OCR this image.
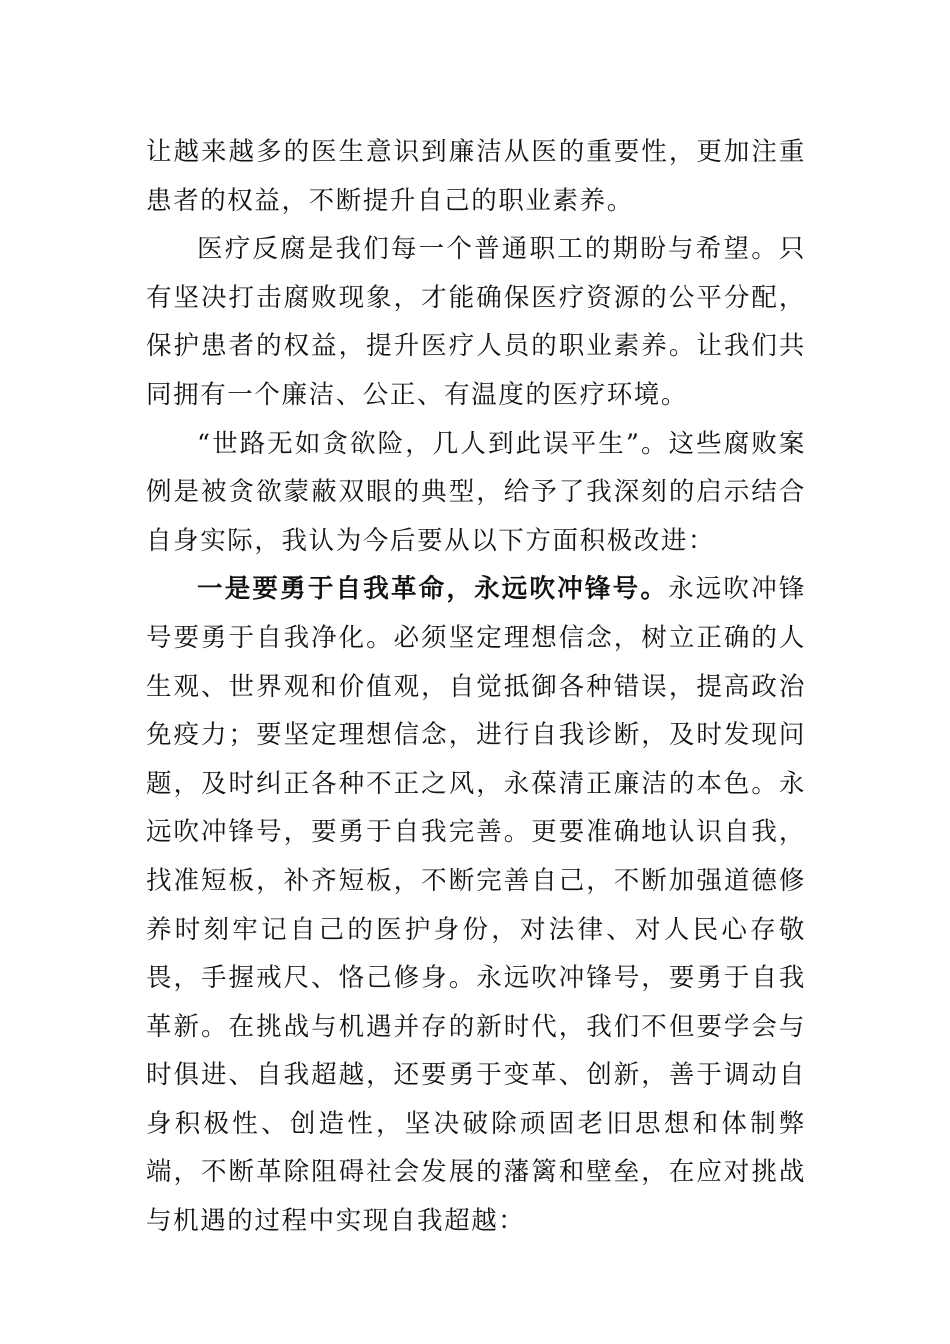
让越来越多的医生意识到廉洁从医的重要性，更加注重患者的权益，不断提升自己的职业素养。

医疗反腐是我们每一个普通职工的期盼与希望。只有坚决打击腐败现象，才能确保医疗资源的公平分配，保护患者的权益，提升医疗人员的职业素养。让我们共同拥有一个廉洁、公正、有温度的医疗环境。

“世路无如贪欲险，几人到此误平生”。这些腐败案例是被贪欲蒙蔽双眼的典型，给予了我深刻的启示结合自身实际，我认为今后要从以下方面积极改进：

一是要勇于自我革命，永远吹冲锋号。永远吹冲锋号要勇于自我净化。必须坚定理想信念，树立正确的人生观、世界观和价值观，自觉抵御各种错误，提高政治免疫力；要坚定理想信念，进行自我诊断，及时发现问题，及时纠正各种不正之风，永葆清正廉洁的本色。永远吹冲锋号，要勇于自我完善。更要准确地认识自我，找准短板，补齐短板，不断完善自己，不断加强道德修养时刻牢记自己的医护身份，对法律、对人民心存敬畏，手握戒尺、恪己修身。永远吹冲锋号，要勇于自我革新。在挑战与机遇并存的新时代，我们不但要学会与时俱进、自我超越，还要勇于变革、创新，善于调动自身积极性、创造性，坚决破除顽固老旧思想和体制弊端，不断革除阻碍社会发展的藩篱和壁垒，在应对挑战与机遇的过程中实现自我超越：
